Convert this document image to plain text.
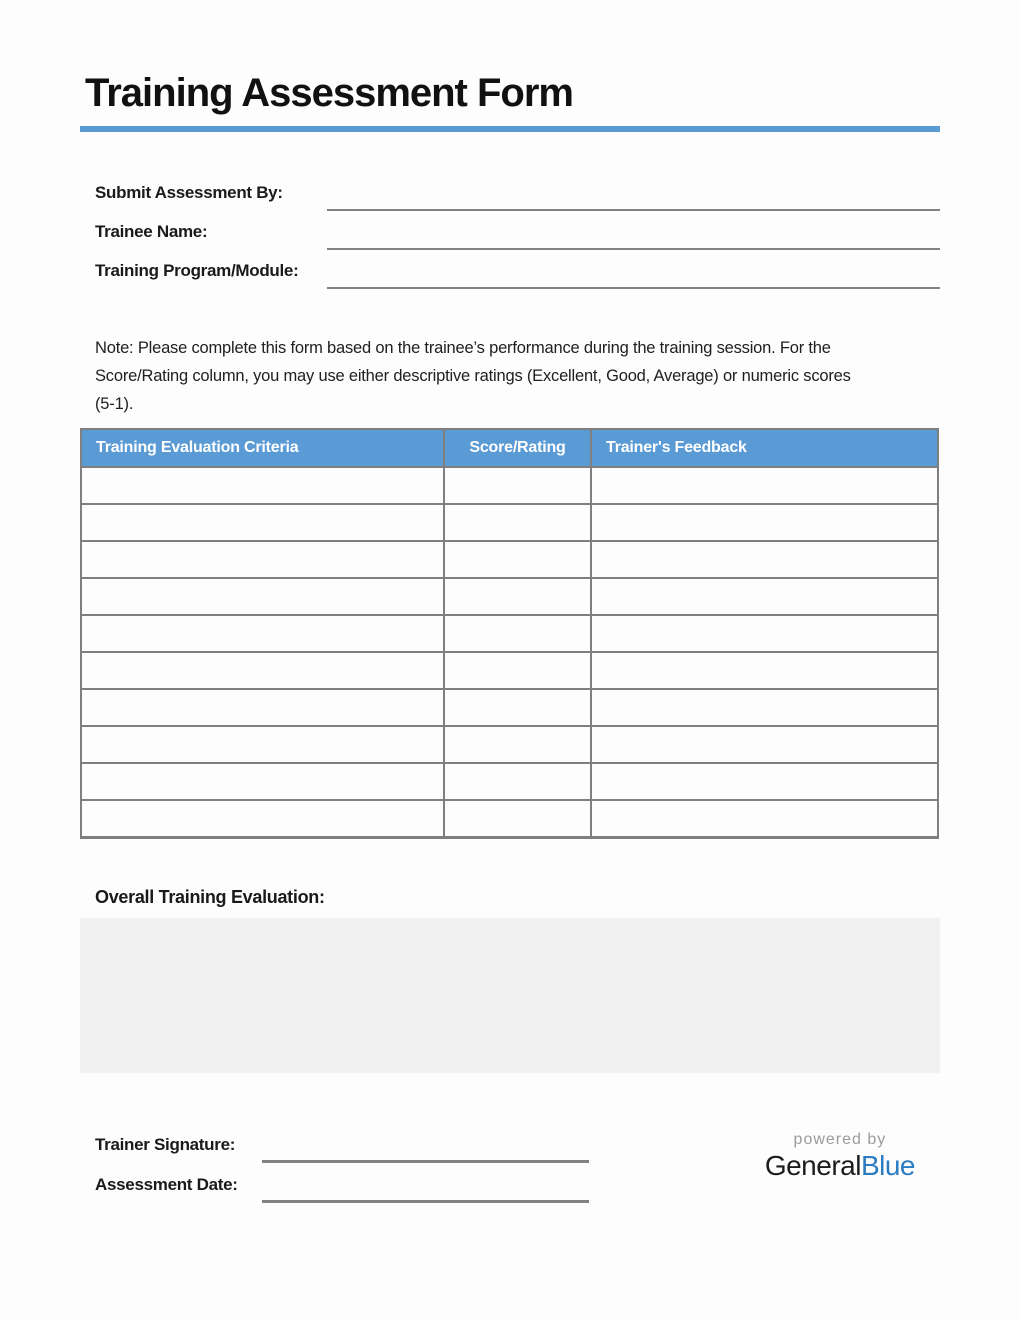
Training Assessment Form
Submit Assessment By:
Trainee Name:
Training Program/Module:
Note: Please complete this form based on the trainee’s performance during the training session. For the
Score/Rating column, you may use either descriptive ratings (Excellent, Good, Average) or numeric scores
(5-1).
Training Evaluation Criteria	Score/Rating	Trainer's Feedback

Overall Training Evaluation:
Trainer Signature:
Assessment Date:
powered by
GeneralBlue
